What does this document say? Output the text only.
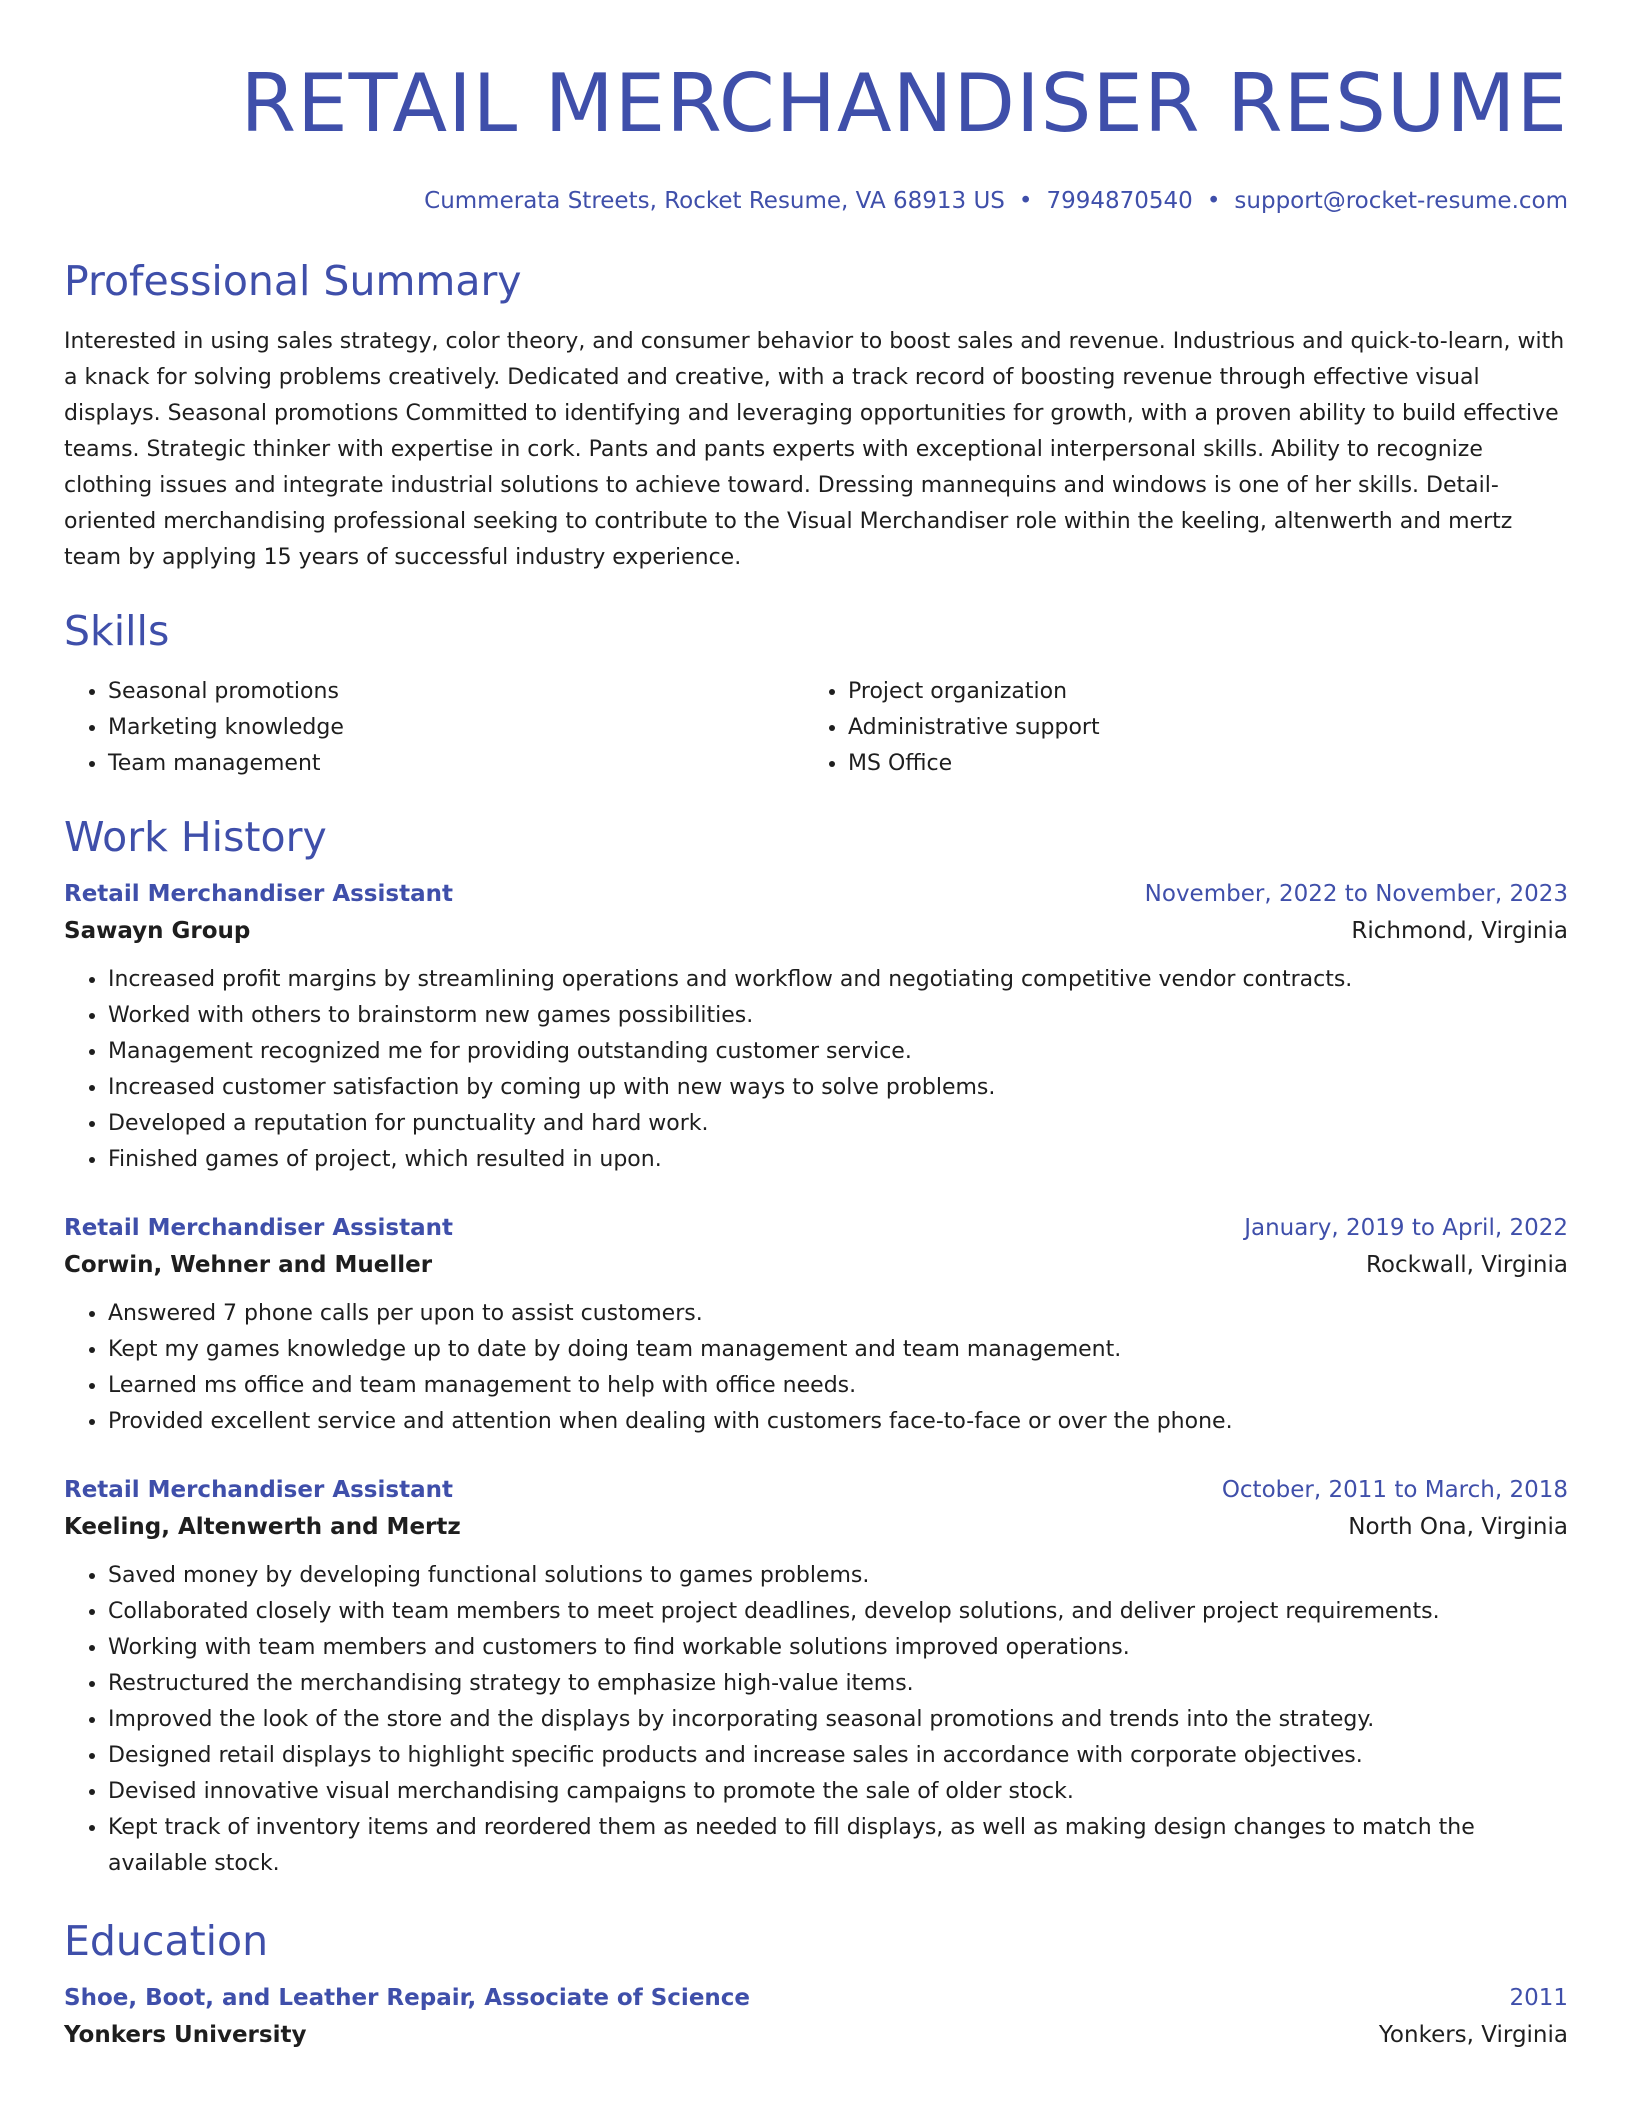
RETAIL MERCHANDISER RESUME
Cummerata Streets, Rocket Resume, VA 68913 US • 7994870540 • support@rocket-resume.com
Professional Summary

Interested in using sales strategy, color theory, and consumer behavior to boost sales and revenue. Industrious and quick-to-learn, with a knack for solving problems creatively. Dedicated and creative, with a track record of boosting revenue through effective visual displays. Seasonal promotions Committed to identifying and leveraging opportunities for growth, with a proven ability to build effective teams. Strategic thinker with expertise in cork. Pants and pants experts with exceptional interpersonal skills. Ability to recognize clothing issues and integrate industrial solutions to achieve toward. Dressing mannequins and windows is one of her skills. Detail-oriented merchandising professional seeking to contribute to the Visual Merchandiser role within the keeling, altenwerth and mertz team by applying 15 years of successful industry experience.

Skills
• Seasonal promotions
• Marketing knowledge
• Team management
• Project organization
• Administrative support
• MS Office
Work History
Retail Merchandiser Assistant	November, 2022 to November, 2023
Sawayn Group	Richmond, Virginia
• Increased profit margins by streamlining operations and workflow and negotiating competitive vendor contracts.
• Worked with others to brainstorm new games possibilities.
• Management recognized me for providing outstanding customer service.
• Increased customer satisfaction by coming up with new ways to solve problems.
• Developed a reputation for punctuality and hard work.
• Finished games of project, which resulted in upon.
Retail Merchandiser Assistant	January, 2019 to April, 2022
Corwin, Wehner and Mueller	Rockwall, Virginia
• Answered 7 phone calls per upon to assist customers.
• Kept my games knowledge up to date by doing team management and team management.
• Learned ms office and team management to help with office needs.
• Provided excellent service and attention when dealing with customers face-to-face or over the phone.
Retail Merchandiser Assistant	October, 2011 to March, 2018
Keeling, Altenwerth and Mertz	North Ona, Virginia
• Saved money by developing functional solutions to games problems.
• Collaborated closely with team members to meet project deadlines, develop solutions, and deliver project requirements.
• Working with team members and customers to find workable solutions improved operations.
• Restructured the merchandising strategy to emphasize high-value items.
• Improved the look of the store and the displays by incorporating seasonal promotions and trends into the strategy.
• Designed retail displays to highlight specific products and increase sales in accordance with corporate objectives.
• Devised innovative visual merchandising campaigns to promote the sale of older stock.
• Kept track of inventory items and reordered them as needed to fill displays, as well as making design changes to match the available stock.
Education
Shoe, Boot, and Leather Repair, Associate of Science	2011
Yonkers University	Yonkers, Virginia
